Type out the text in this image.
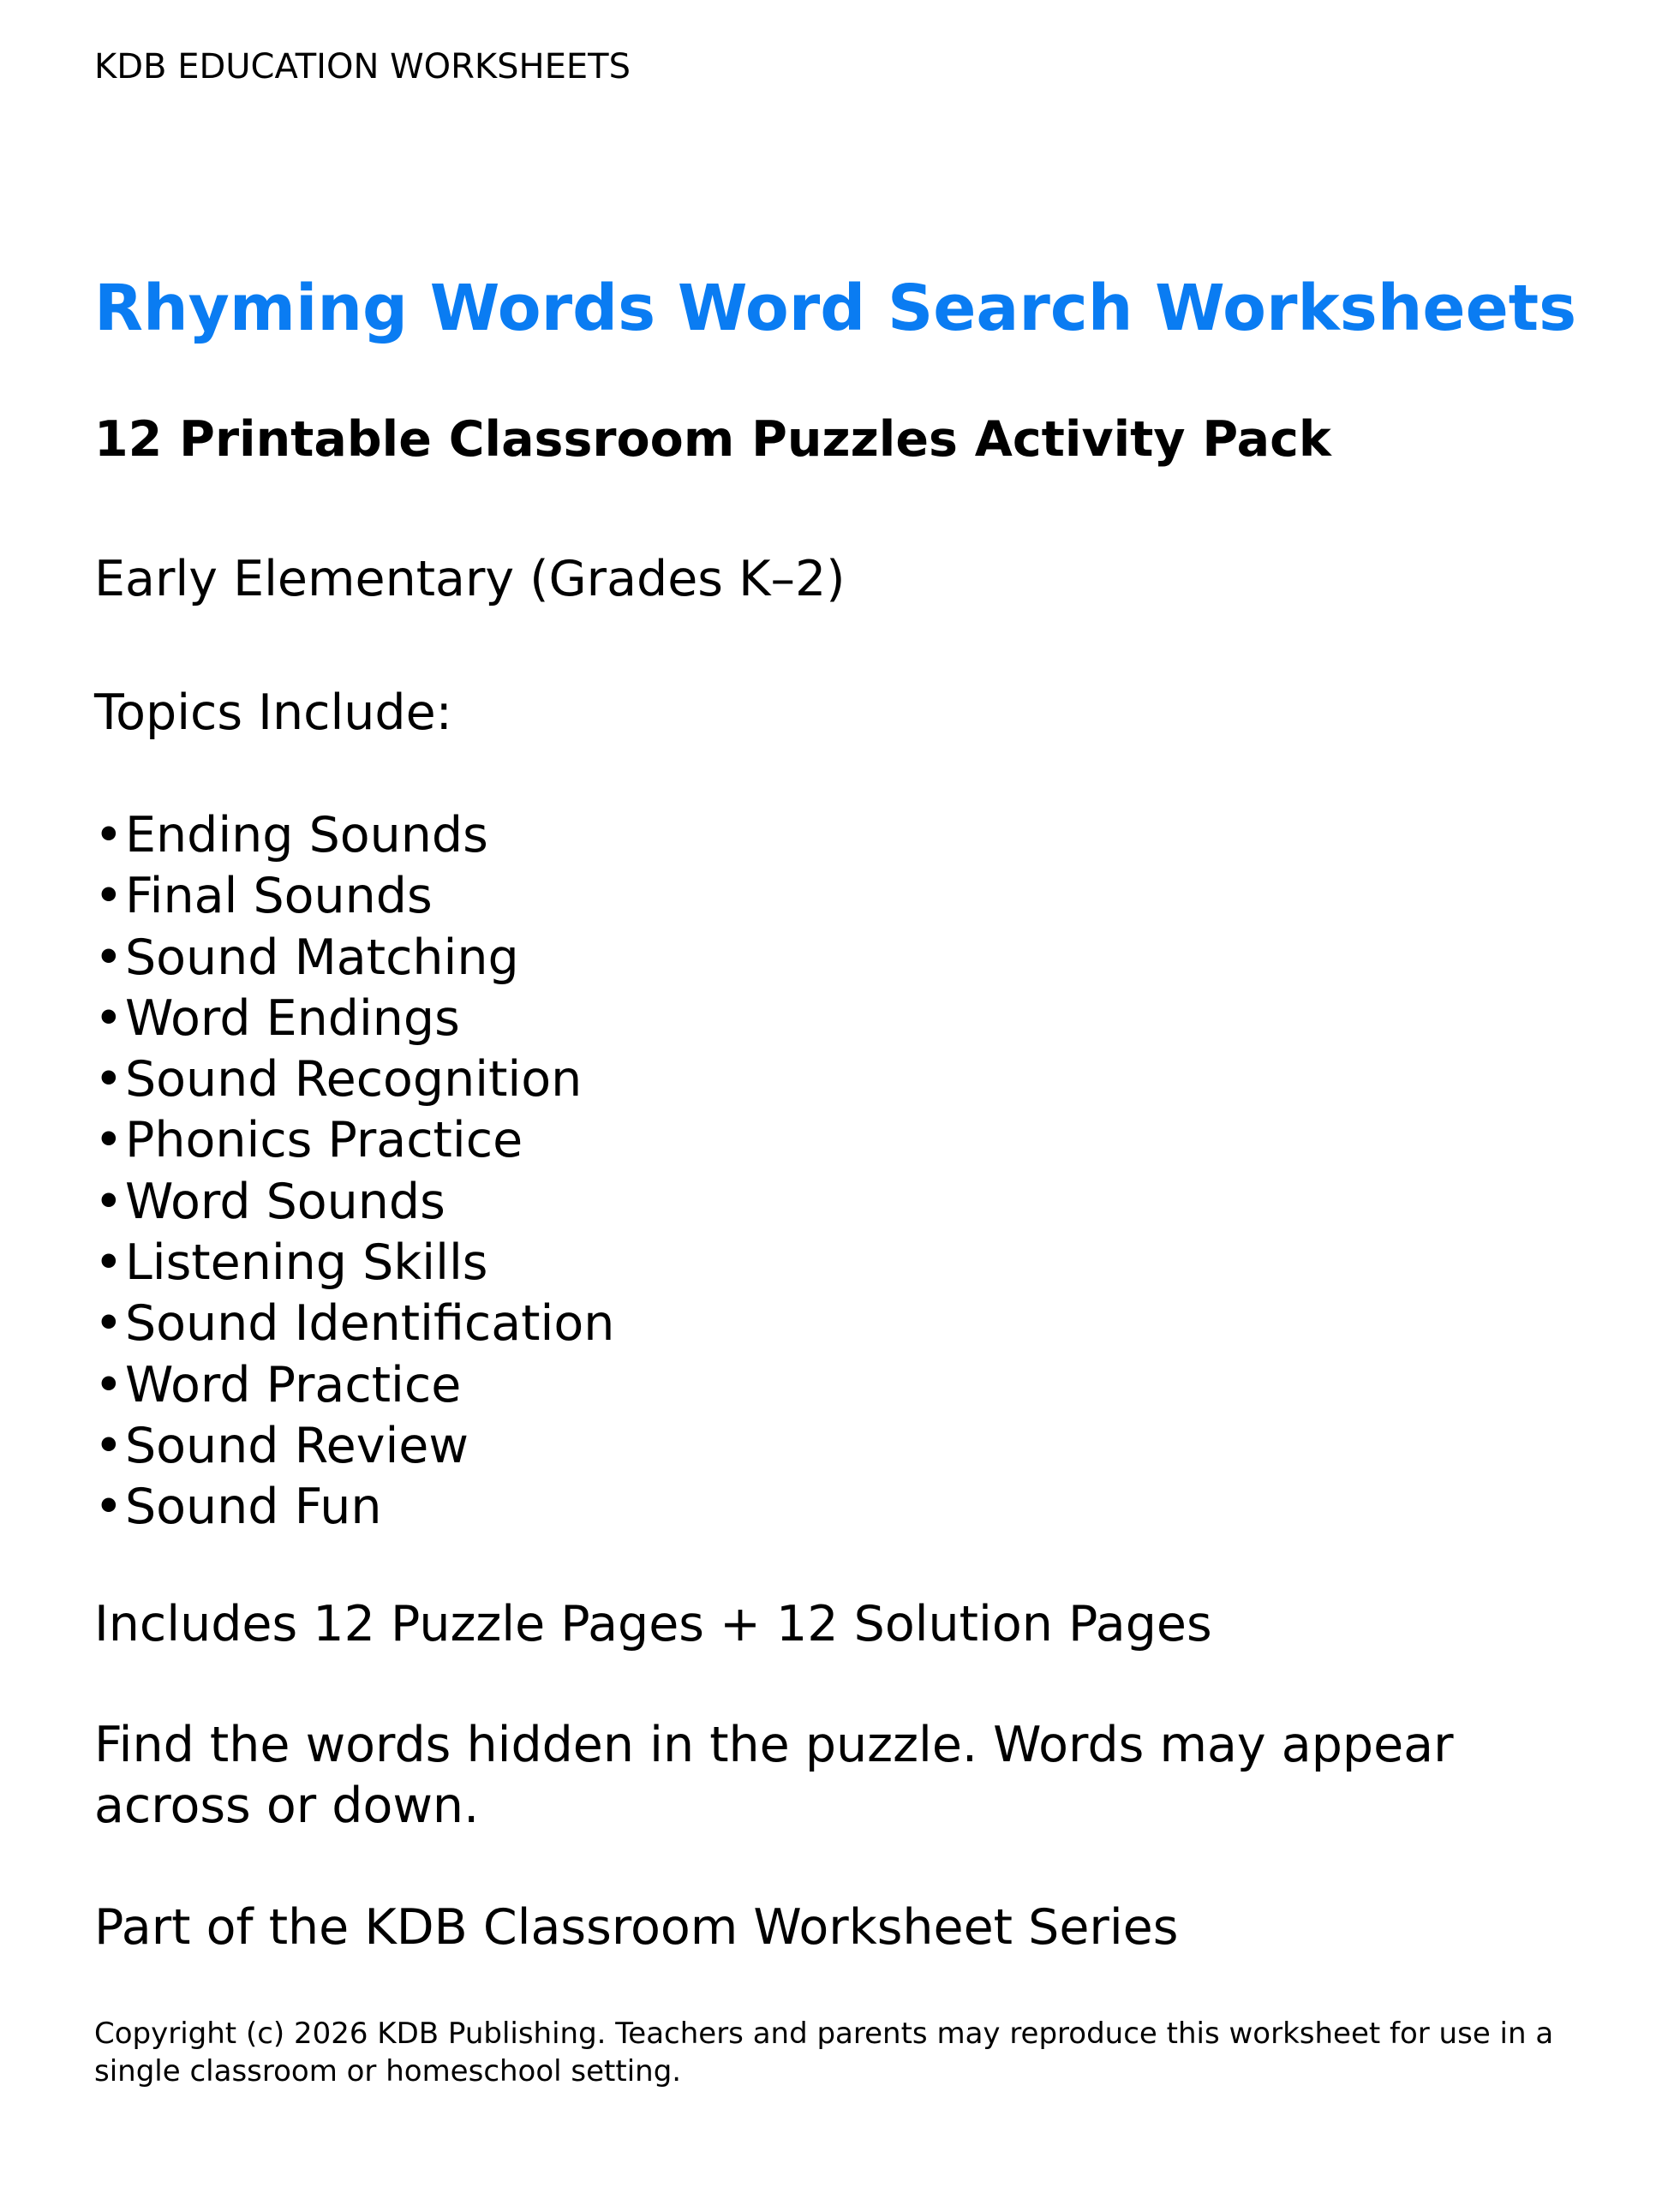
KDB EDUCATION WORKSHEETS
Rhyming Words Word Search Worksheets
12 Printable Classroom Puzzles Activity Pack
Early Elementary (Grades K–2)
Topics Include:
•Ending Sounds
•Final Sounds
•Sound Matching
•Word Endings
•Sound Recognition
•Phonics Practice
•Word Sounds
•Listening Skills
•Sound Identification
•Word Practice
•Sound Review
•Sound Fun
Includes 12 Puzzle Pages + 12 Solution Pages
Find the words hidden in the puzzle. Words may appear across or down.
Part of the KDB Classroom Worksheet Series
Copyright (c) 2026 KDB Publishing. Teachers and parents may reproduce this worksheet for use in a single classroom or homeschool setting.
